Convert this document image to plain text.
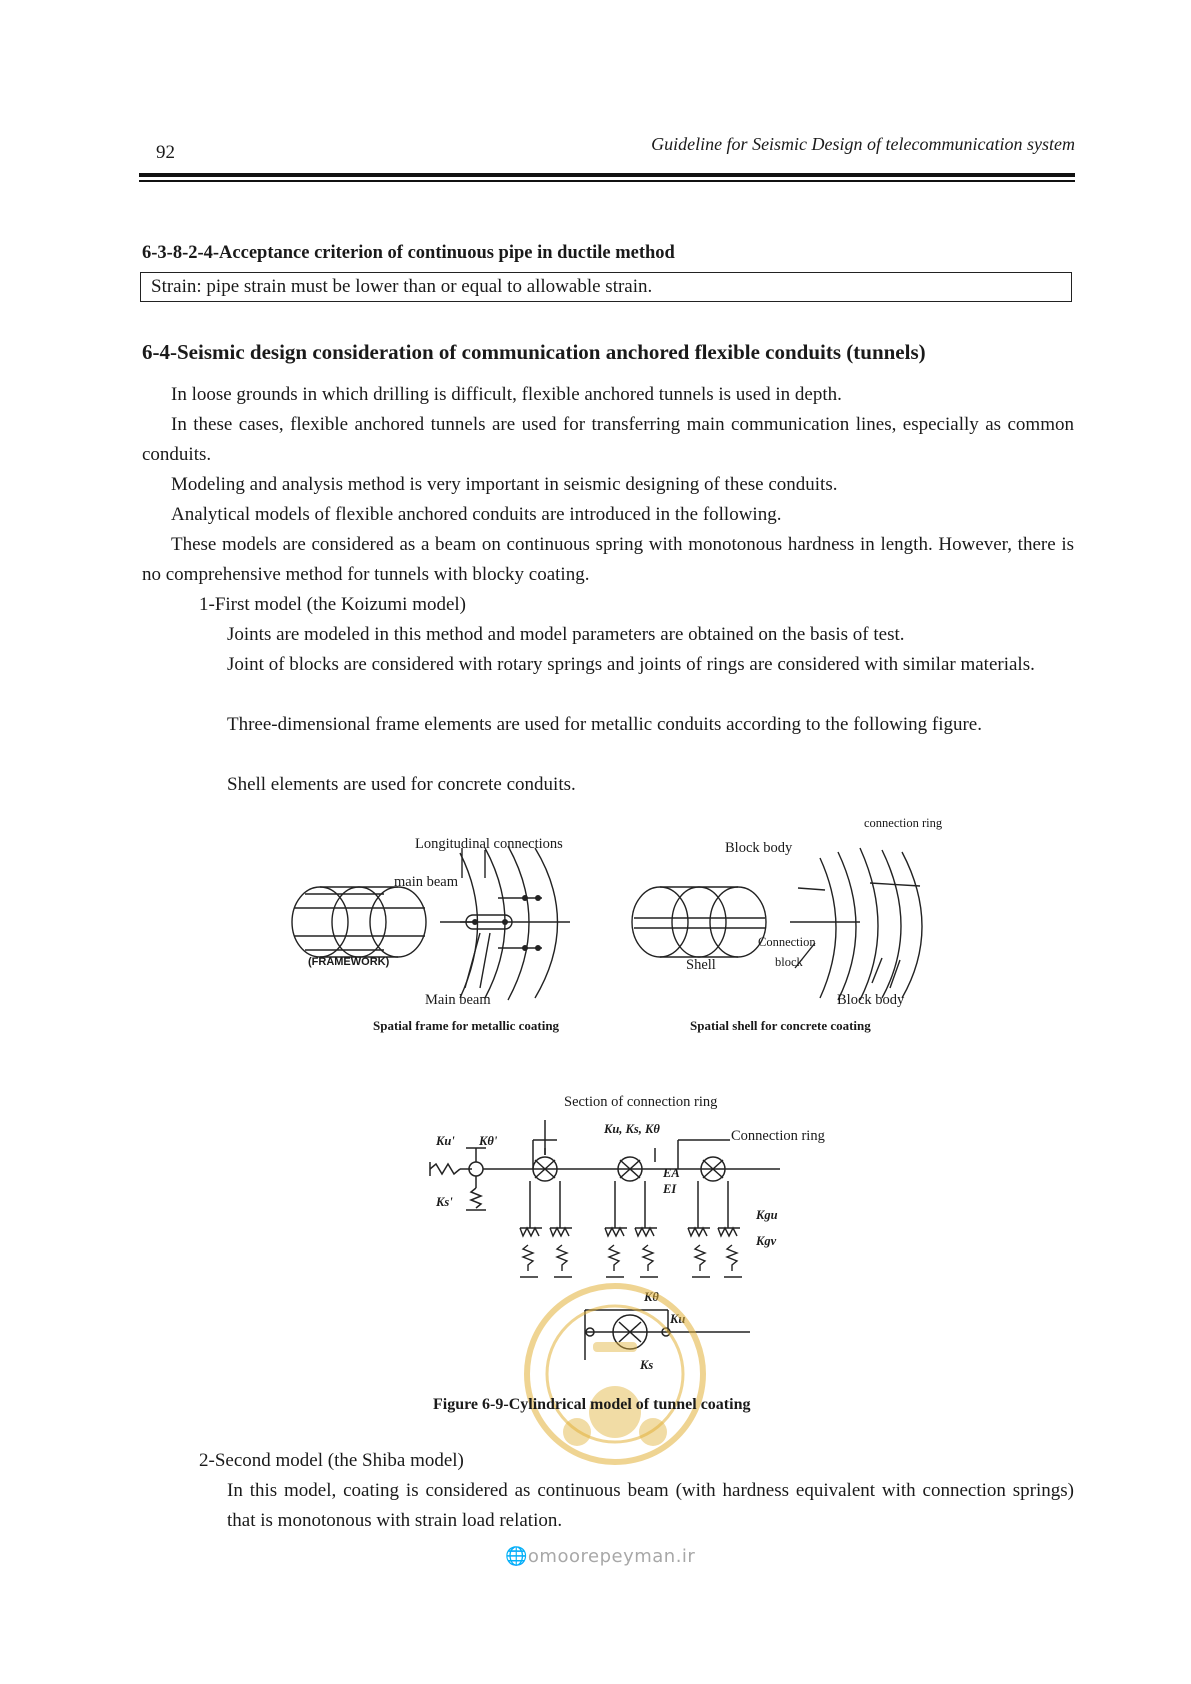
92	Guideline for Seismic Design of telecommunication system
6-3-8-2-4-Acceptance criterion of continuous pipe in ductile method
Strain: pipe strain must be lower than or equal to allowable strain.
6-4-Seismic design consideration of communication anchored flexible conduits (tunnels)

In loose grounds in which drilling is difficult, flexible anchored tunnels is used in depth.

In these cases, flexible anchored tunnels are used for transferring main communication lines, especially as common conduits.

Modeling and analysis method is very important in seismic designing of these conduits.

Analytical models of flexible anchored conduits are introduced in the following.

These models are considered as a beam on continuous spring with monotonous hardness in length. However, there is no comprehensive method for tunnels with blocky coating.

1-First model (the Koizumi model)

Joints are modeled in this method and model parameters are obtained on the basis of test.

Joint of blocks are considered with rotary springs and joints of rings are considered with similar materials.

Three-dimensional frame elements are used for metallic conduits according to the following figure.

Shell elements are used for concrete conduits.

Longitudinal connections
main beam
(FRAMEWORK)
Main beam
Spatial frame for metallic coating
connection ring
Block body
Connection
block
Shell
Block body
Spatial shell for concrete coating
Section of connection ring
Connection ring
Ku' Kθ'
Ks'
Ku, Ks, Kθ
EA
EI
Kgu
Kgv
Kθ
Ku
Ks
Figure 6-9-Cylindrical model of tunnel coating

2-Second model (the Shiba model)

In this model, coating is considered as continuous beam (with hardness equivalent with connection springs) that is monotonous with strain load relation.

🌐omoorepeyman.ir
